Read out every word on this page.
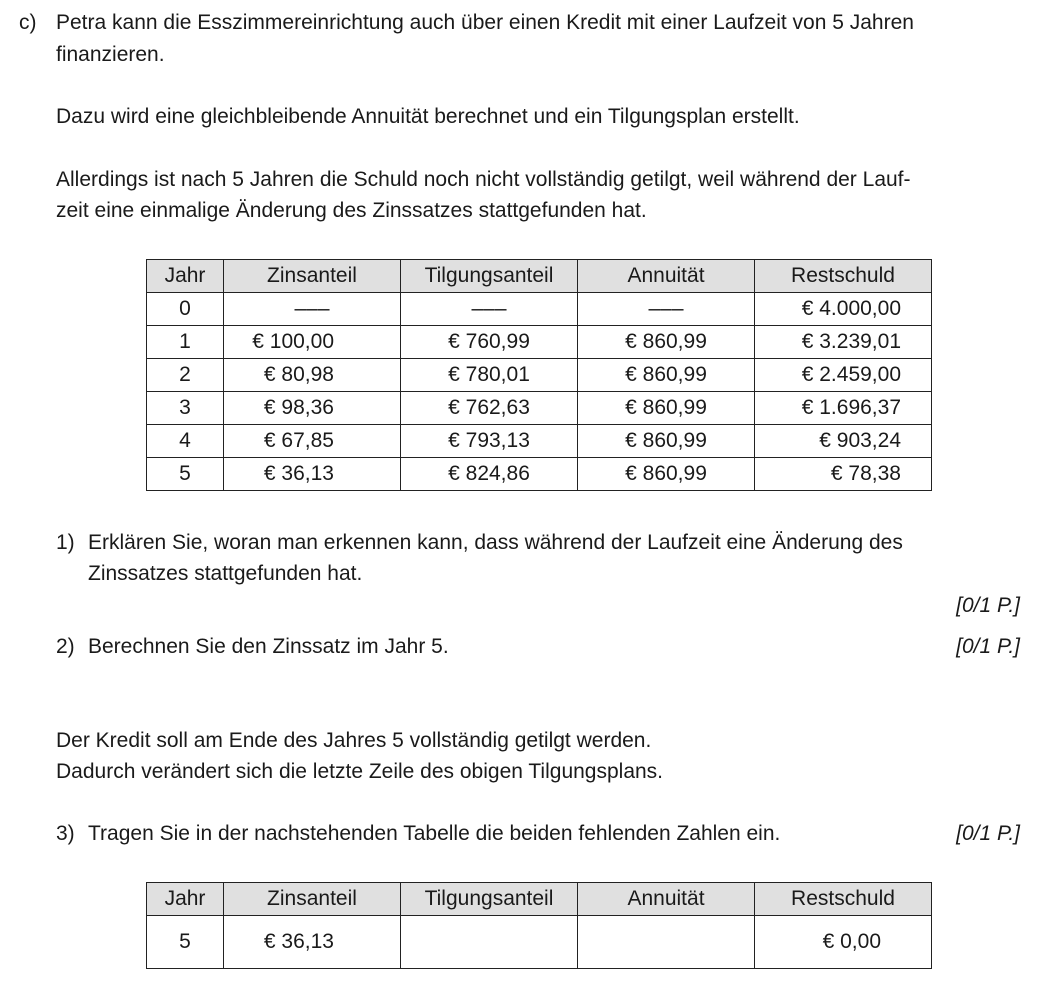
c) Petra kann die Esszimmereinrichtung auch über einen Kredit mit einer Laufzeit von 5 Jahren
finanzieren.
Dazu wird eine gleichbleibende Annuität berechnet und ein Tilgungsplan erstellt.
Allerdings ist nach 5 Jahren die Schuld noch nicht vollständig getilgt, weil während der Lauf-
zeit eine einmalige Änderung des Zinssatzes stattgefunden hat.
Jahr	Zinsanteil	Tilgungsanteil	Annuität	Restschuld
0	–––	–––	–––	€ 4.000,00
1	€ 100,00	€ 760,99	€ 860,99	€ 3.239,01
2	€ 80,98	€ 780,01	€ 860,99	€ 2.459,00
3	€ 98,36	€ 762,63	€ 860,99	€ 1.696,37
4	€ 67,85	€ 793,13	€ 860,99	€ 903,24
5	€ 36,13	€ 824,86	€ 860,99	€ 78,38
1) Erklären Sie, woran man erkennen kann, dass während der Laufzeit eine Änderung des
Zinssatzes stattgefunden hat.
[0/1 P.]
2) Berechnen Sie den Zinssatz im Jahr 5.	[0/1 P.]
Der Kredit soll am Ende des Jahres 5 vollständig getilgt werden.
Dadurch verändert sich die letzte Zeile des obigen Tilgungsplans.
3) Tragen Sie in der nachstehenden Tabelle die beiden fehlenden Zahlen ein.	[0/1 P.]
Jahr	Zinsanteil	Tilgungsanteil	Annuität	Restschuld
5	€ 36,13			€ 0,00
